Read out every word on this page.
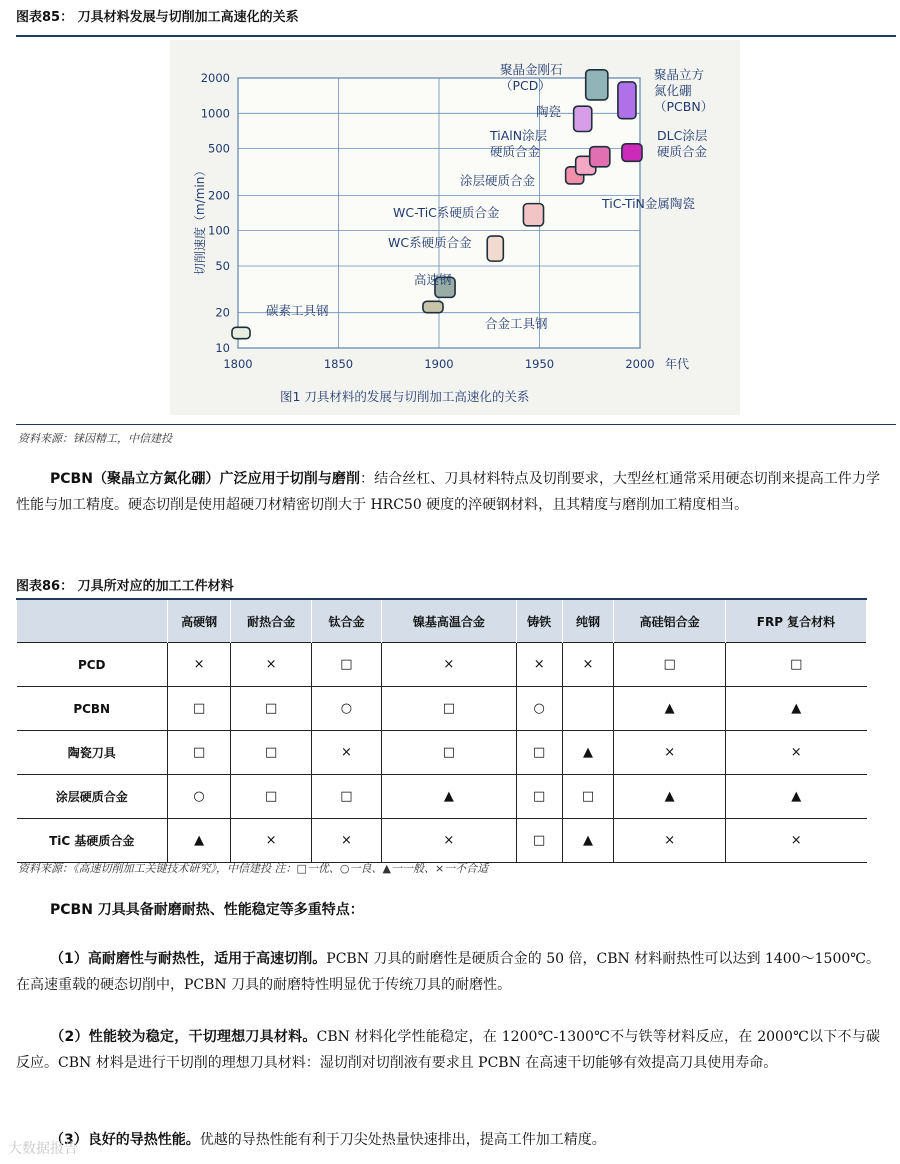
图表85： 刀具材料发展与切削加工高速化的关系
10
20
50
100
200
500
1000
2000
1800	1850	1900	1950	2000
碳素工具钢
合金工具钢
高速钢
WC系硬质合金
WC-TiC系硬质合金
涂层硬质合金
TiC-TiN金属陶瓷
TiAlN涂层硬质合金
DLC涂层硬质合金
陶瓷
聚晶金刚石（PCD）
聚晶立方氮化硼（PCBN）
切削速度（m/min）
年代
图1 刀具材料的发展与切削加工高速化的关系
资料来源：铼因精工，中信建投
PCBN（聚晶立方氮化硼）广泛应用于切削与磨削：结合丝杠、刀具材料特点及切削要求，大型丝杠通常采用硬态切削来提高工件力学性能与加工精度。硬态切削是使用超硬刀材精密切削大于 HRC50 硬度的淬硬钢材料，且其精度与磨削加工精度相当。
图表86： 刀具所对应的加工工件材料
	高硬钢	耐热合金	钛合金	镍基高温合金	铸铁	纯钢	高硅铝合金	FRP 复合材料
PCD	×	×	□	×	×	×	□	□
PCBN	□	□	○	□	○		▲	▲
陶瓷刀具	□	□	×	□	□	▲	×	×
涂层硬质合金	○	□	□	▲	□	□	▲	▲
TiC 基硬质合金	▲	×	×	×	□	▲	×	×
资料来源：《高速切削加工关键技术研究》，中信建投 注：□一优、○一良、▲一一般、×一不合适
PCBN 刀具具备耐磨耐热、性能稳定等多重特点：
（1）高耐磨性与耐热性，适用于高速切削。PCBN 刀具的耐磨性是硬质合金的 50 倍，CBN 材料耐热性可以达到 1400～1500℃。在高速重载的硬态切削中，PCBN 刀具的耐磨特性明显优于传统刀具的耐磨性。
（2）性能较为稳定，干切理想刀具材料。CBN 材料化学性能稳定，在 1200℃-1300℃不与铁等材料反应，在 2000℃以下不与碳反应。CBN 材料是进行干切削的理想刀具材料：湿切削对切削液有要求且 PCBN 在高速干切能够有效提高刀具使用寿命。
（3）良好的导热性能。优越的导热性能有利于刀尖处热量快速排出，提高工件加工精度。
大数据报告
